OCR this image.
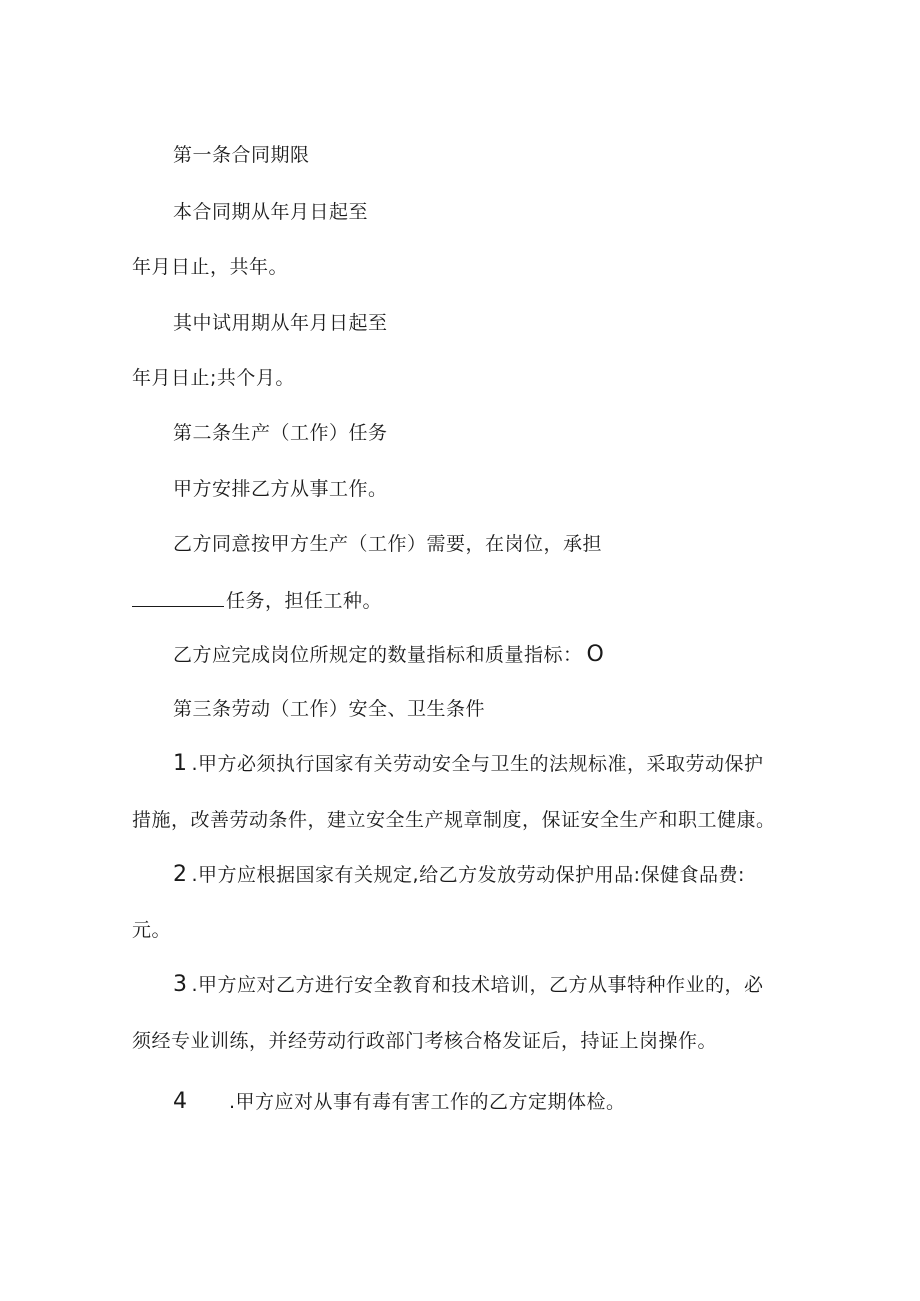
第一条合同期限
本合同期从年月日起至
年月日止，共年。
其中试用期从年月日起至
年月日止;共个月。
第二条生产（工作）任务
甲方安排乙方从事工作。
乙方同意按甲方生产（工作）需要，在岗位，承担
任务，担任工种。
乙方应完成岗位所规定的数量指标和质量指标： O
第三条劳动（工作）安全、卫生条件
1 .甲方必须执行国家有关劳动安全与卫生的法规标准，采取劳动保护
措施，改善劳动条件，建立安全生产规章制度，保证安全生产和职工健康。
2 .甲方应根据国家有关规定,给乙方发放劳动保护用品:保健食品费:
元。
3 .甲方应对乙方进行安全教育和技术培训，乙方从事特种作业的，必
须经专业训练，并经劳动行政部门考核合格发证后，持证上岗操作。
4 .甲方应对从事有毒有害工作的乙方定期体检。
